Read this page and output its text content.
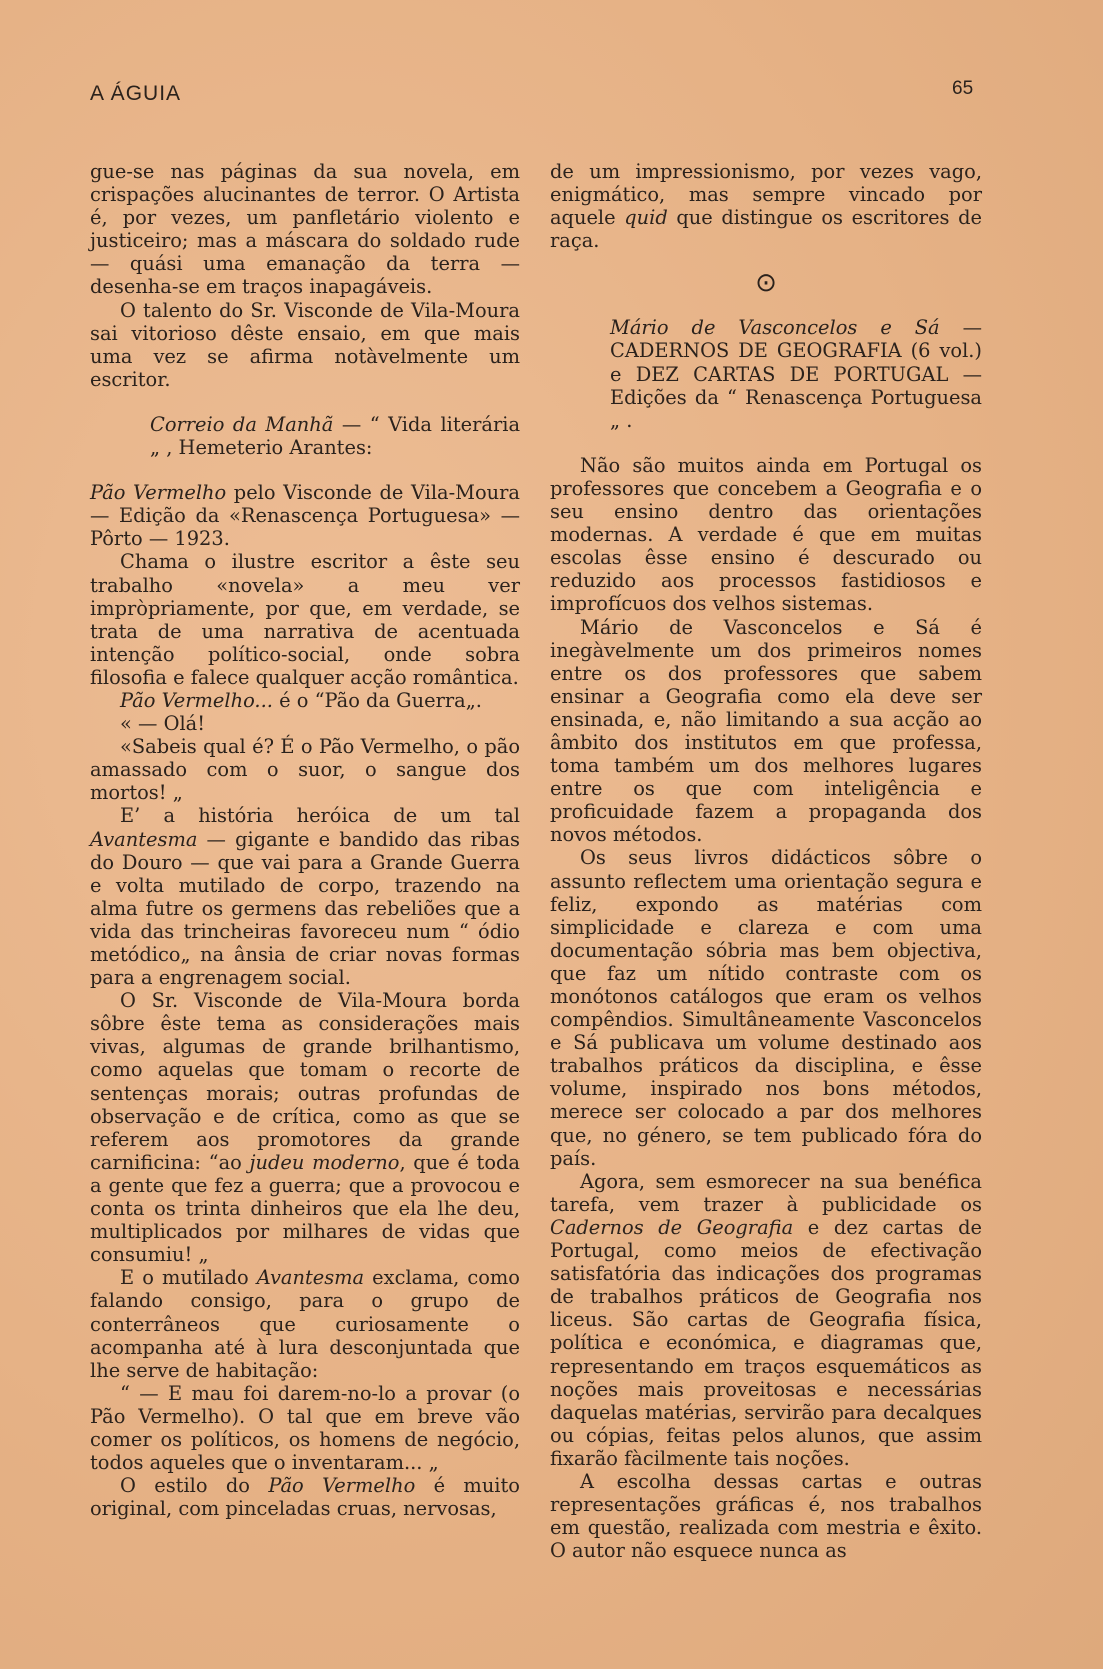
A ÁGUIA	65

gue-se nas páginas da sua novela, em crispações alucinantes de terror. O Artista é, por vezes, um panfletário violento e justiceiro; mas a máscara do soldado rude — quási uma emanação da terra — desenha-se em traços inapagáveis.

O talento do Sr. Visconde de Vila-Moura sai vitorioso dêste ensaio, em que mais uma vez se afirma notàvelmente um escritor.

Correio da Manhã — “ Vida literária „ , Hemeterio Arantes:

Pão Vermelho pelo Visconde de Vila-Moura — Edição da «Renascença Portuguesa» — Pôrto — 1923.

Chama o ilustre escritor a êste seu trabalho «novela» a meu ver impròpriamente, por que, em verdade, se trata de uma narrativa de acentuada intenção político-social, onde sobra filosofia e falece qualquer acção romântica.

Pão Vermelho... é o “Pão da Guerra„.

« — Olá!

«Sabeis qual é? É o Pão Vermelho, o pão amassado com o suor, o sangue dos mortos! „

E’ a história heróica de um tal Avantesma — gigante e bandido das ribas do Douro — que vai para a Grande Guerra e volta mutilado de corpo, trazendo na alma futre os germens das rebeliões que a vida das trincheiras favoreceu num “ ódio metódico„ na ânsia de criar novas formas para a engrenagem social.

O Sr. Visconde de Vila-Moura borda sôbre êste tema as considerações mais vivas, algumas de grande brilhantismo, como aquelas que tomam o recorte de sentenças morais; outras profundas de observação e de crítica, como as que se referem aos promotores da grande carnificina: “ao judeu moderno, que é toda a gente que fez a guerra; que a provocou e conta os trinta dinheiros que ela lhe deu, multiplicados por milhares de vidas que consumiu! „

E o mutilado Avantesma exclama, como falando consigo, para o grupo de conterrâneos que curiosamente o acompanha até à lura desconjuntada que lhe serve de habitação:

“ — E mau foi darem-no-lo a provar (o Pão Vermelho). O tal que em breve vão comer os políticos, os homens de negócio, todos aqueles que o inventaram... „

O estilo do Pão Vermelho é muito original, com pinceladas cruas, nervosas,

de um impressionismo, por vezes vago, enigmático, mas sempre vincado por aquele quid que distingue os escritores de raça.

⊙

Mário de Vasconcelos e Sá — CADERNOS DE GEOGRAFIA (6 vol.) e DEZ CARTAS DE PORTUGAL — Edições da “ Renascença Portuguesa „ .

Não são muitos ainda em Portugal os professores que concebem a Geografia e o seu ensino dentro das orientações modernas. A verdade é que em muitas escolas êsse ensino é descurado ou reduzido aos processos fastidiosos e improfícuos dos velhos sistemas.

Mário de Vasconcelos e Sá é inegàvelmente um dos primeiros nomes entre os dos professores que sabem ensinar a Geografia como ela deve ser ensinada, e, não limitando a sua acção ao âmbito dos institutos em que professa, toma também um dos melhores lugares entre os que com inteligência e proficuidade fazem a propaganda dos novos métodos.

Os seus livros didácticos sôbre o assunto reflectem uma orientação segura e feliz, expondo as matérias com simplicidade e clareza e com uma documentação sóbria mas bem objectiva, que faz um nítido contraste com os monótonos catálogos que eram os velhos compêndios. Simultâneamente Vasconcelos e Sá publicava um volume destinado aos trabalhos práticos da disciplina, e êsse volume, inspirado nos bons métodos, merece ser colocado a par dos melhores que, no género, se tem publicado fóra do país.

Agora, sem esmorecer na sua benéfica tarefa, vem trazer à publicidade os Cadernos de Geografia e dez cartas de Portugal, como meios de efectivação satisfatória das indicações dos programas de trabalhos práticos de Geografia nos liceus. São cartas de Geografia física, política e económica, e diagramas que, representando em traços esquemáticos as noções mais proveitosas e necessárias daquelas matérias, servirão para decalques ou cópias, feitas pelos alunos, que assim fixarão fàcilmente tais noções.

A escolha dessas cartas e outras representações gráficas é, nos trabalhos em questão, realizada com mestria e êxito. O autor não esquece nunca as
